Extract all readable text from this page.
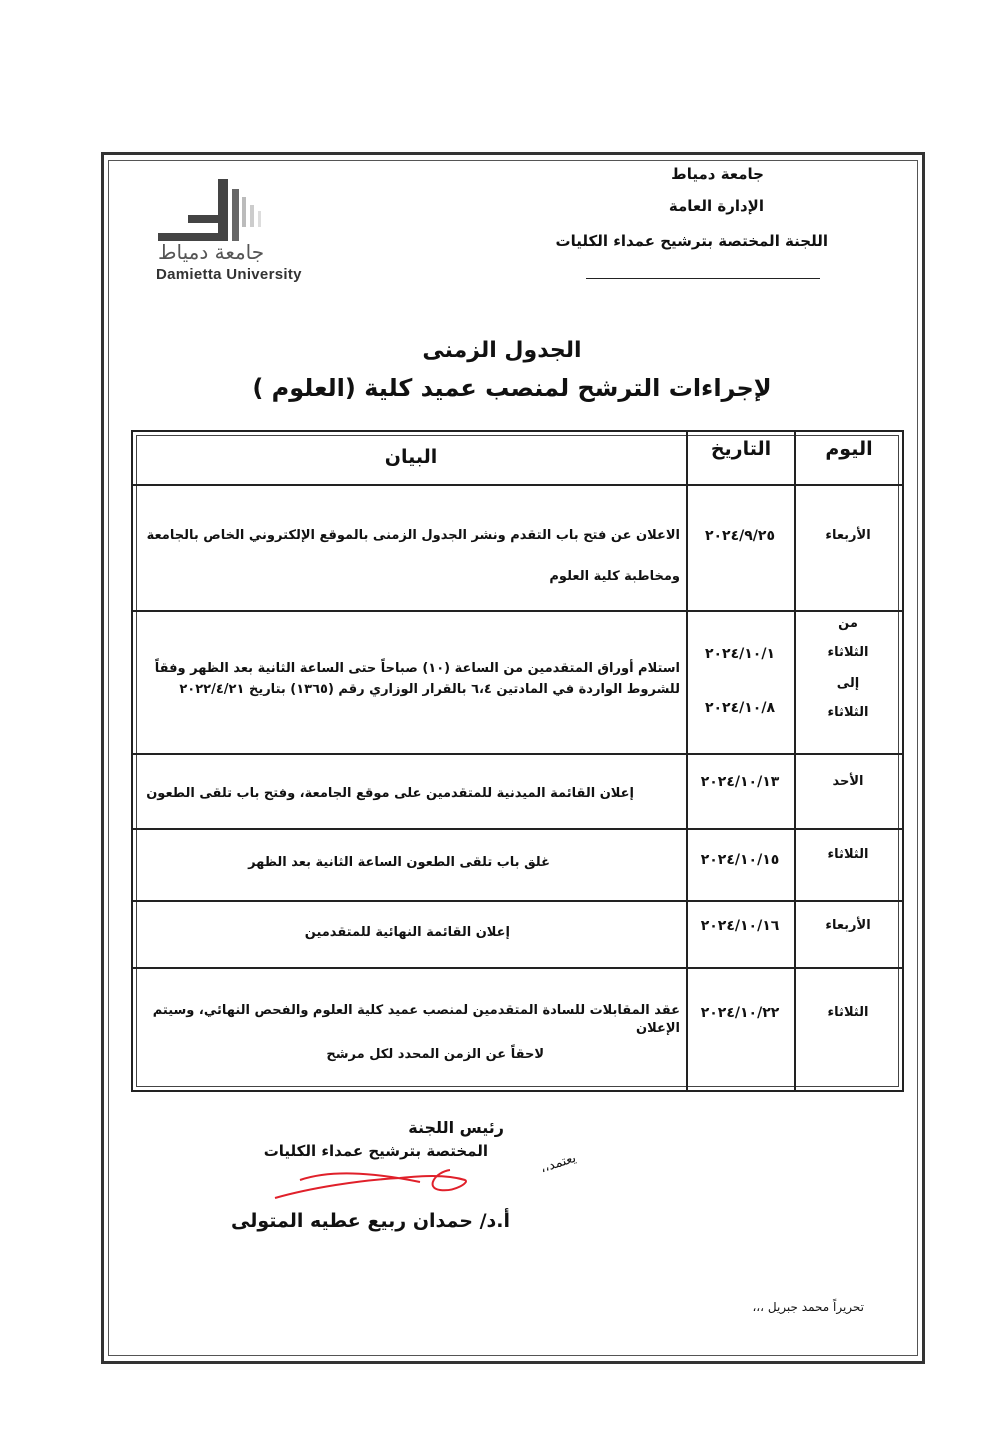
جامعة دمياط
الإدارة العامة
اللجنة المختصة بترشيح عمداء الكليات
جامعة دمياط
Damietta University
الجدول الزمنى
لإجراءات الترشح لمنصب عميد كلية (العلوم )
اليوم
التاريخ
البيان
الأربعاء
٢٠٢٤/٩/٢٥
الاعلان عن فتح باب التقدم ونشر الجدول الزمنى بالموقع الإلكتروني الخاص بالجامعة
ومخاطبة كلية العلوم
من
الثلاثاء
إلى
الثلاثاء
٢٠٢٤/١٠/١
٢٠٢٤/١٠/٨
استلام أوراق المتقدمين من الساعة (١٠) صباحاً حتى الساعة الثانية بعد الظهر وفقاً
للشروط الواردة في المادتين ٦،٤ بالقرار الوزاري رقم (١٣٦٥) بتاريخ ٢٠٢٢/٤/٢١
الأحد
٢٠٢٤/١٠/١٣
إعلان القائمة الميدنية للمتقدمين على موقع الجامعة، وفتح باب تلقى الطعون
الثلاثاء
٢٠٢٤/١٠/١٥
غلق باب تلقى الطعون الساعة الثانية بعد الظهر
الأربعاء
٢٠٢٤/١٠/١٦
إعلان القائمة النهائية للمتقدمين
الثلاثاء
٢٠٢٤/١٠/٢٢
عقد المقابلات للسادة المتقدمين لمنصب عميد كلية العلوم والفحص النهائي، وسيتم الإعلان
لاحقاً عن الزمن المحدد لكل مرشح
رئيس اللجنة
المختصة بترشيح عمداء الكليات	يعتمد،،
أ.د/ حمدان ربيع عطيه المتولى
تحريراً محمد جبريل ،،،
